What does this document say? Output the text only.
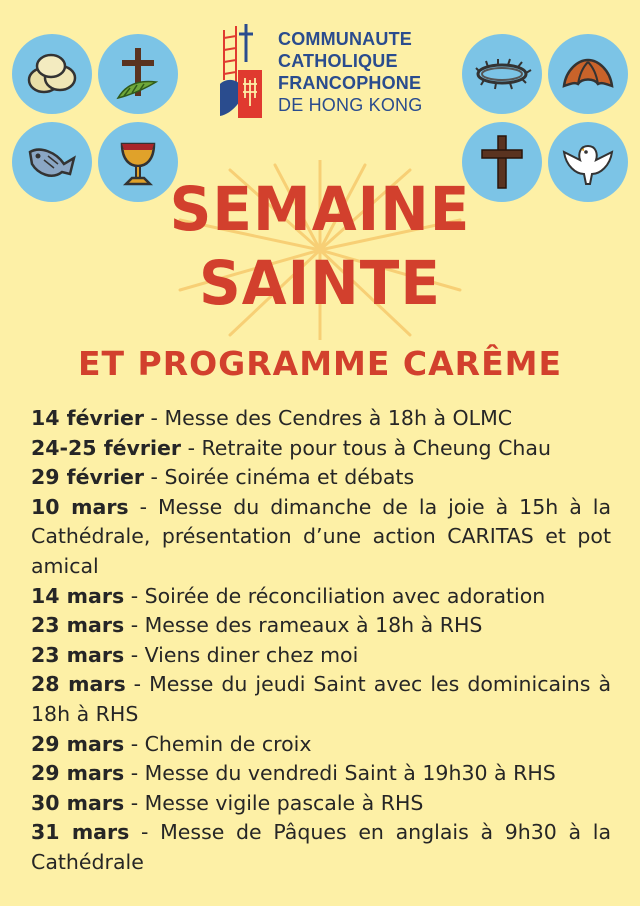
COMMUNAUTE
CATHOLIQUE
FRANCOPHONE
DE HONG KONG
SEMAINE
SAINTE
ET PROGRAMME CARÊME

14 février - Messe des Cendres à 18h à OLMC

24-25 février - Retraite pour tous à Cheung Chau

29 février - Soirée cinéma et débats

10 mars - Messe du dimanche de la joie à 15h à la Cathédrale, présentation d’une action CARITAS et pot amical

14 mars - Soirée de réconciliation avec adoration

23 mars - Messe des rameaux à 18h à RHS

23 mars - Viens diner chez moi

28 mars - Messe du jeudi Saint avec les dominicains à 18h à RHS

29 mars - Chemin de croix

29 mars - Messe du vendredi Saint à 19h30 à RHS

30 mars - Messe vigile pascale à RHS

31 mars - Messe de Pâques en anglais à 9h30 à la Cathédrale
